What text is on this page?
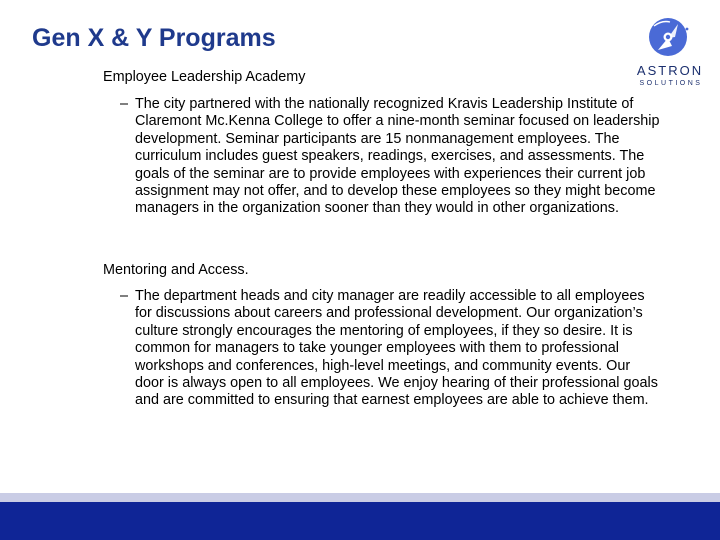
Gen X & Y Programs
ASTRON
SOLUTIONS
Employee Leadership Academy
– The city partnered with the nationally recognized Kravis Leadership Institute of Claremont Mc.Kenna College to offer a nine-month seminar focused on leadership development. Seminar participants are 15 nonmanagement employees. The curriculum includes guest speakers, readings, exercises, and assessments. The goals of the seminar are to provide employees with experiences their current job assignment may not offer, and to develop these employees so they might become managers in the organization sooner than they would in other organizations.
Mentoring and Access.
– The department heads and city manager are readily accessible to all employees for discussions about careers and professional development. Our organization’s culture strongly encourages the mentoring of employees, if they so desire. It is common for managers to take younger employees with them to professional workshops and conferences, high-level meetings, and community events. Our door is always open to all employees. We enjoy hearing of their professional goals and are committed to ensuring that earnest employees are able to achieve them.
